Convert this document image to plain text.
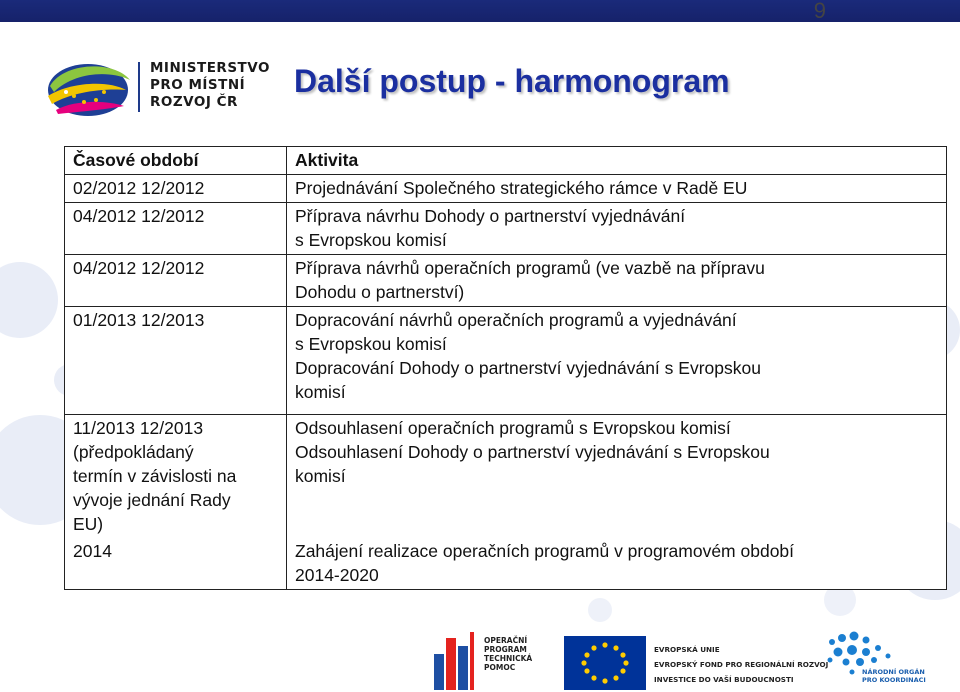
9
MINISTERSTVO
PRO MÍSTNÍ
ROZVOJ ČR
Další postup - harmonogram
Časové období	Aktivita

02/2012 12/2012	Projednávání Společného strategického rámce v Radě EU

04/2012 12/2012	Příprava návrhu Dohody o partnerství vyjednávání
s Evropskou komisí

04/2012 12/2012	Příprava návrhů operačních programů (ve vazbě na přípravu
Dohodu o partnerství)

01/2013 12/2013	Dopracování návrhů operačních programů a vyjednávání
s Evropskou komisí
Dopracování Dohody o partnerství vyjednávání s Evropskou
komisí

11/2013 12/2013
(předpokládaný
termín v závislosti na
vývoje jednání Rady
EU)	Odsouhlasení operačních programů s Evropskou komisí
Odsouhlasení Dohody o partnerství vyjednávání s Evropskou
komisí

2014	Zahájení realizace operačních programů v programovém období
2014-2020
OPERAČNÍ
PROGRAM
TECHNICKÁ
POMOC
EVROPSKÁ UNIE
EVROPSKÝ FOND PRO REGIONÁLNÍ ROZVOJ
INVESTICE DO VAŠÍ BUDOUCNOSTI
NÁRODNÍ ORGÁN
PRO KOORDINACI
